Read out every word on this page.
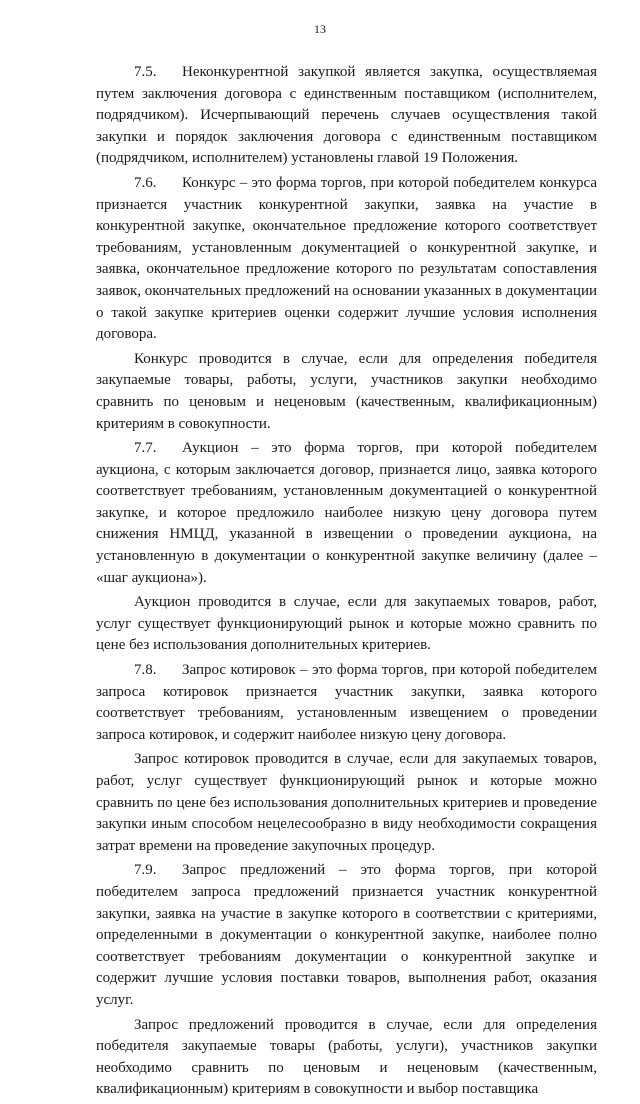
13

7.5. Неконкурентной закупкой является закупка, осуществляемая путем заключения договора с единственным поставщиком (исполнителем, подрядчиком). Исчерпывающий перечень случаев осуществления такой закупки и порядок заключения договора с единственным поставщиком (подрядчиком, исполнителем) установлены главой 19 Положения.

7.6. Конкурс – это форма торгов, при которой победителем конкурса признается участник конкурентной закупки, заявка на участие в конкурентной закупке, окончательное предложение которого соответствует требованиям, установленным документацией о конкурентной закупке, и заявка, окончательное предложение которого по результатам сопоставления заявок, окончательных предложений на основании указанных в документации о такой закупке критериев оценки содержит лучшие условия исполнения договора.

Конкурс проводится в случае, если для определения победителя закупаемые товары, работы, услуги, участников закупки необходимо сравнить по ценовым и неценовым (качественным, квалификационным) критериям в совокупности.

7.7. Аукцион – это форма торгов, при которой победителем аукциона, с которым заключается договор, признается лицо, заявка которого соответствует требованиям, установленным документацией о конкурентной закупке, и которое предложило наиболее низкую цену договора путем снижения НМЦД, указанной в извещении о проведении аукциона, на установленную в документации о конкурентной закупке величину (далее – «шаг аукциона»).

Аукцион проводится в случае, если для закупаемых товаров, работ, услуг существует функционирующий рынок и которые можно сравнить по цене без использования дополнительных критериев.

7.8. Запрос котировок – это форма торгов, при которой победителем запроса котировок признается участник закупки, заявка которого соответствует требованиям, установленным извещением о проведении запроса котировок, и содержит наиболее низкую цену договора.

Запрос котировок проводится в случае, если для закупаемых товаров, работ, услуг существует функционирующий рынок и которые можно сравнить по цене без использования дополнительных критериев и проведение закупки иным способом нецелесообразно в виду необходимости сокращения затрат времени на проведение закупочных процедур.

7.9. Запрос предложений – это форма торгов, при которой победителем запроса предложений признается участник конкурентной закупки, заявка на участие в закупке которого в соответствии с критериями, определенными в документации о конкурентной закупке, наиболее полно соответствует требованиям документации о конкурентной закупке и содержит лучшие условия поставки товаров, выполнения работ, оказания услуг.

Запрос предложений проводится в случае, если для определения победителя закупаемые товары (работы, услуги), участников закупки необходимо сравнить по ценовым и неценовым (качественным, квалификационным) критериям в совокупности и выбор поставщика
